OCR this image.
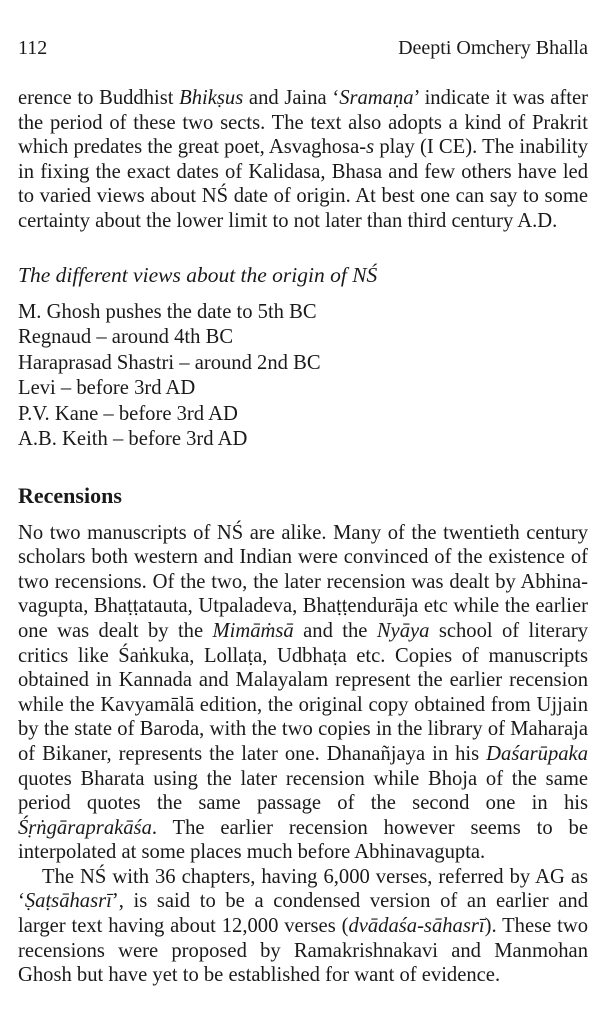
112	Deepti Omchery Bhalla

erence to Buddhist Bhikṣus and Jaina ‘Sramaṇa’ indicate it was after the period of these two sects. The text also adopts a kind of Prakrit which predates the great poet, Asvaghosa-s play (I CE). The inability in fixing the exact dates of Kalidasa, Bhasa and few others have led to varied views about NŚ date of origin. At best one can say to some certainty about the lower limit to not later than third century A.D.

The different views about the origin of NŚ
M. Ghosh pushes the date to 5th BC
Regnaud – around 4th BC
Haraprasad Shastri – around 2nd BC
Levi – before 3rd AD
P.V. Kane – before 3rd AD
A.B. Keith – before 3rd AD
Recensions

No two manuscripts of NŚ are alike. Many of the twentieth century scholars both western and Indian were convinced of the existence of two recensions. Of the two, the later recension was dealt by Abhina-vagupta, Bhaṭṭatauta, Utpaladeva, Bhaṭṭendurāja etc while the earlier one was dealt by the Mimāṁsā and the Nyāya school of literary critics like Śaṅkuka, Lollaṭa, Udbhaṭa etc. Copies of manuscripts obtained in Kannada and Malayalam represent the earlier recension while the Kavyamālā edition, the original copy obtained from Ujjain by the state of Baroda, with the two copies in the library of Maharaja of Bikaner, represents the later one. Dhanañjaya in his Daśarūpaka quotes Bharata using the later recension while Bhoja of the same period quotes the same passage of the second one in his Śṛṅgāraprakāśa. The earlier recension however seems to be interpolated at some places much before Abhinavagupta.

The NŚ with 36 chapters, having 6,000 verses, referred by AG as ‘Ṣaṭsāhasrī’, is said to be a condensed version of an earlier and larger text having about 12,000 verses (dvādaśa-sāhasrī). These two recensions were proposed by Ramakrishnakavi and Manmohan Ghosh but have yet to be established for want of evidence.
